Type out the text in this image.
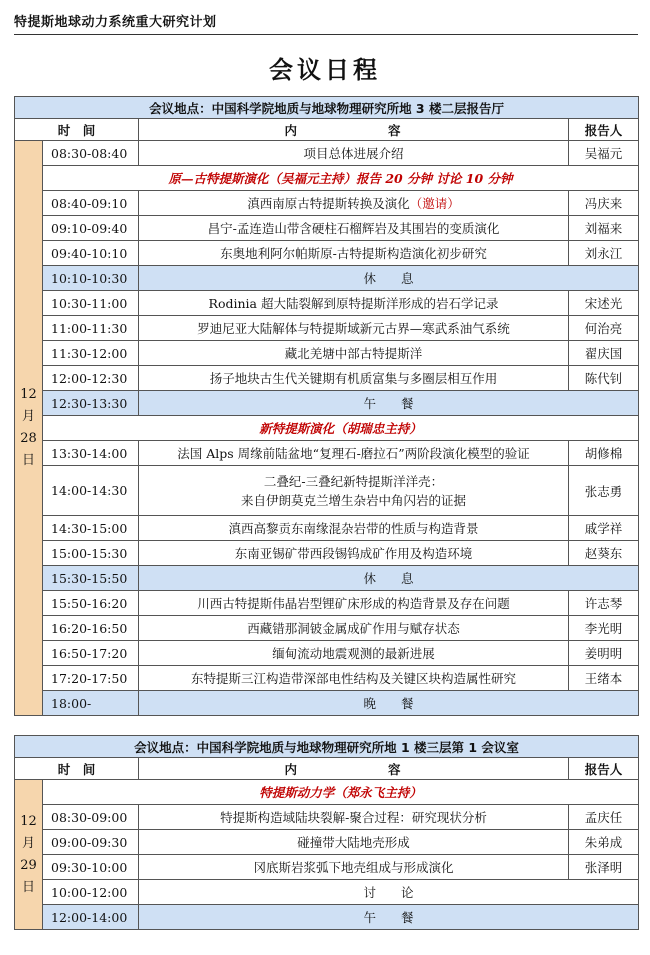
特提斯地球动力系统重大研究计划
会议日程
会议地点：中国科学院地质与地球物理研究所地 3 楼二层报告厅			
时　间		内　　容	报告人

12
月
28
日	08:30-08:40	项目总体进展介绍	吴福元
	原—古特提斯演化（吴福元主持）报告 20 分钟 讨论 10 分钟		
	08:40-09:10	滇西南原古特提斯转换及演化（邀请）	冯庆来
	09:10-09:40	昌宁-孟连造山带含硬柱石榴辉岩及其围岩的变质演化	刘福来
	09:40-10:10	东奥地利阿尔帕斯原-古特提斯构造演化初步研究	刘永江
	10:10-10:30	休　　息	
	10:30-11:00	Rodinia 超大陆裂解到原特提斯洋形成的岩石学记录	宋述光
	11:00-11:30	罗迪尼亚大陆解体与特提斯域新元古界—寒武系油气系统	何治亮
	11:30-12:00	藏北羌塘中部古特提斯洋	翟庆国
	12:00-12:30	扬子地块古生代关键期有机质富集与多圈层相互作用	陈代钊
	12:30-13:30	午　　餐	
	新特提斯演化（胡瑞忠主持）		
	13:30-14:00	法国 Alps 周缘前陆盆地“复理石-磨拉石”两阶段演化模型的验证	胡修棉
	14:00-14:30	二叠纪-三叠纪新特提斯洋洋壳：
来自伊朗莫克兰增生杂岩中角闪岩的证据	张志勇
	14:30-15:00	滇西高黎贡东南缘混杂岩带的性质与构造背景	戚学祥
	15:00-15:30	东南亚锡矿带西段锡钨成矿作用及构造环境	赵葵东
	15:30-15:50	休　　息	
	15:50-16:20	川西古特提斯伟晶岩型锂矿床形成的构造背景及存在问题	许志琴
	16:20-16:50	西藏错那洞铍金属成矿作用与赋存状态	李光明
	16:50-17:20	缅甸流动地震观测的最新进展	姜明明
	17:20-17:50	东特提斯三江构造带深部电性结构及关键区块构造属性研究	王绪本
	18:00-	晚　　餐	
会议地点：中国科学院地质与地球物理研究所地 1 楼三层第 1 会议室			
时　间		内　　容	报告人

12
月
29
日	特提斯动力学（郑永飞主持）		
	08:30-09:00	特提斯构造域陆块裂解-聚合过程：研究现状分析	孟庆任
	09:00-09:30	碰撞带大陆地壳形成	朱弟成
	09:30-10:00	冈底斯岩浆弧下地壳组成与形成演化	张泽明
	10:00-12:00	讨　　论	
	12:00-14:00	午　　餐	
